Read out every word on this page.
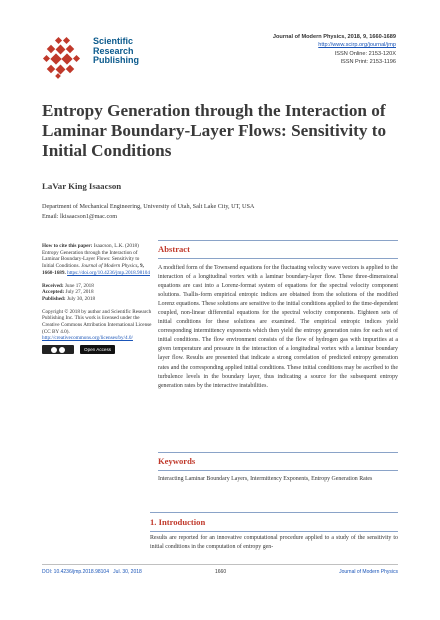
Scientific
Research
Publishing
Journal of Modern Physics, 2018, 9, 1660-1689
http://www.scirp.org/journal/jmp
ISSN Online: 2153-120X
ISSN Print: 2153-1196
Entropy Generation through the Interaction of Laminar Boundary-Layer Flows: Sensitivity to Initial Conditions
LaVar King Isaacson
Department of Mechanical Engineering, University of Utah, Salt Lake City, UT, USA
Email: lkisaacson1@mac.com

How to cite this paper: Isaacson, L.K. (2018) Entropy Generation through the Interaction of Laminar Boundary-Layer Flows: Sensitivity to Initial Conditions. Journal of Modern Physics, 9, 1660-1689. https://doi.org/10.4236/jmp.2018.98104

Received: June 17, 2018

Accepted: July 27, 2018

Published: July 30, 2018

Copyright © 2018 by author and Scientific Research Publishing Inc. This work is licensed under the Creative Commons Attribution International License (CC BY 4.0).

http://creativecommons.org/licenses/by/4.0/

Open Access
Abstract
A modified form of the Townsend equations for the fluctuating velocity wave vectors is applied to the interaction of a longitudinal vortex with a laminar boundary-layer flow. These three-dimensional equations are cast into a Lorenz-format system of equations for the spectral velocity component solutions. Tsallis-form empirical entropic indices are obtained from the solutions of the modified Lorenz equations. These solutions are sensitive to the initial conditions applied to the time-dependent coupled, non-linear differential equations for the spectral velocity components. Eighteen sets of initial conditions for these solutions are examined. The empirical entropic indices yield corresponding intermittency exponents which then yield the entropy generation rates for each set of initial conditions. The flow environment consists of the flow of hydrogen gas with impurities at a given temperature and pressure in the interaction of a longitudinal vortex with a laminar boundary layer flow. Results are presented that indicate a strong correlation of predicted entropy generation rates and the corresponding applied initial conditions. These initial conditions may be ascribed to the turbulence levels in the boundary layer, thus indicating a source for the subsequent entropy generation rates by the interactive instabilities.
Keywords
Interacting Laminar Boundary Layers, Intermittency Exponents, Entropy Generation Rates
1. Introduction
Results are reported for an innovative computational procedure applied to a study of the sensitivity to initial conditions in the computation of entropy gen-
DOI: 10.4236/jmp.2018.98104 Jul. 30, 2018	1660	Journal of Modern Physics
